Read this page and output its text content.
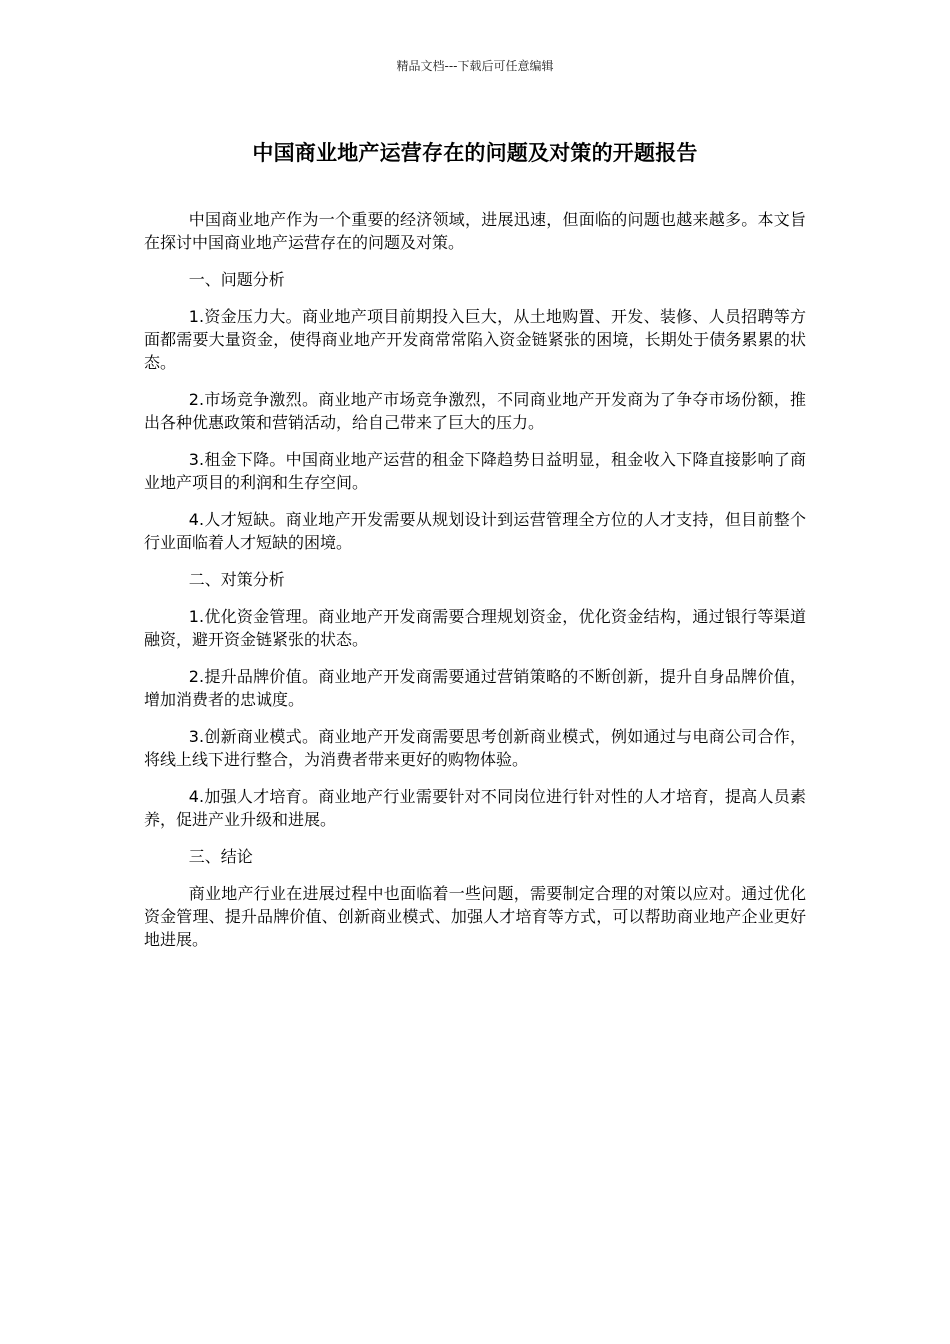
精品文档---下载后可任意编辑
中国商业地产运营存在的问题及对策的开题报告

中国商业地产作为一个重要的经济领域，进展迅速，但面临的问题也越来越多。本文旨在探讨中国商业地产运营存在的问题及对策。

一、问题分析

1.资金压力大。商业地产项目前期投入巨大，从土地购置、开发、装修、人员招聘等方面都需要大量资金，使得商业地产开发商常常陷入资金链紧张的困境，长期处于债务累累的状态。

2.市场竞争激烈。商业地产市场竞争激烈，不同商业地产开发商为了争夺市场份额，推出各种优惠政策和营销活动，给自己带来了巨大的压力。

3.租金下降。中国商业地产运营的租金下降趋势日益明显，租金收入下降直接影响了商业地产项目的利润和生存空间。

4.人才短缺。商业地产开发需要从规划设计到运营管理全方位的人才支持，但目前整个行业面临着人才短缺的困境。

二、对策分析

1.优化资金管理。商业地产开发商需要合理规划资金，优化资金结构，通过银行等渠道融资，避开资金链紧张的状态。

2.提升品牌价值。商业地产开发商需要通过营销策略的不断创新，提升自身品牌价值，增加消费者的忠诚度。

3.创新商业模式。商业地产开发商需要思考创新商业模式，例如通过与电商公司合作，将线上线下进行整合，为消费者带来更好的购物体验。

4.加强人才培育。商业地产行业需要针对不同岗位进行针对性的人才培育，提高人员素养，促进产业升级和进展。

三、结论

商业地产行业在进展过程中也面临着一些问题，需要制定合理的对策以应对。通过优化资金管理、提升品牌价值、创新商业模式、加强人才培育等方式，可以帮助商业地产企业更好地进展。
